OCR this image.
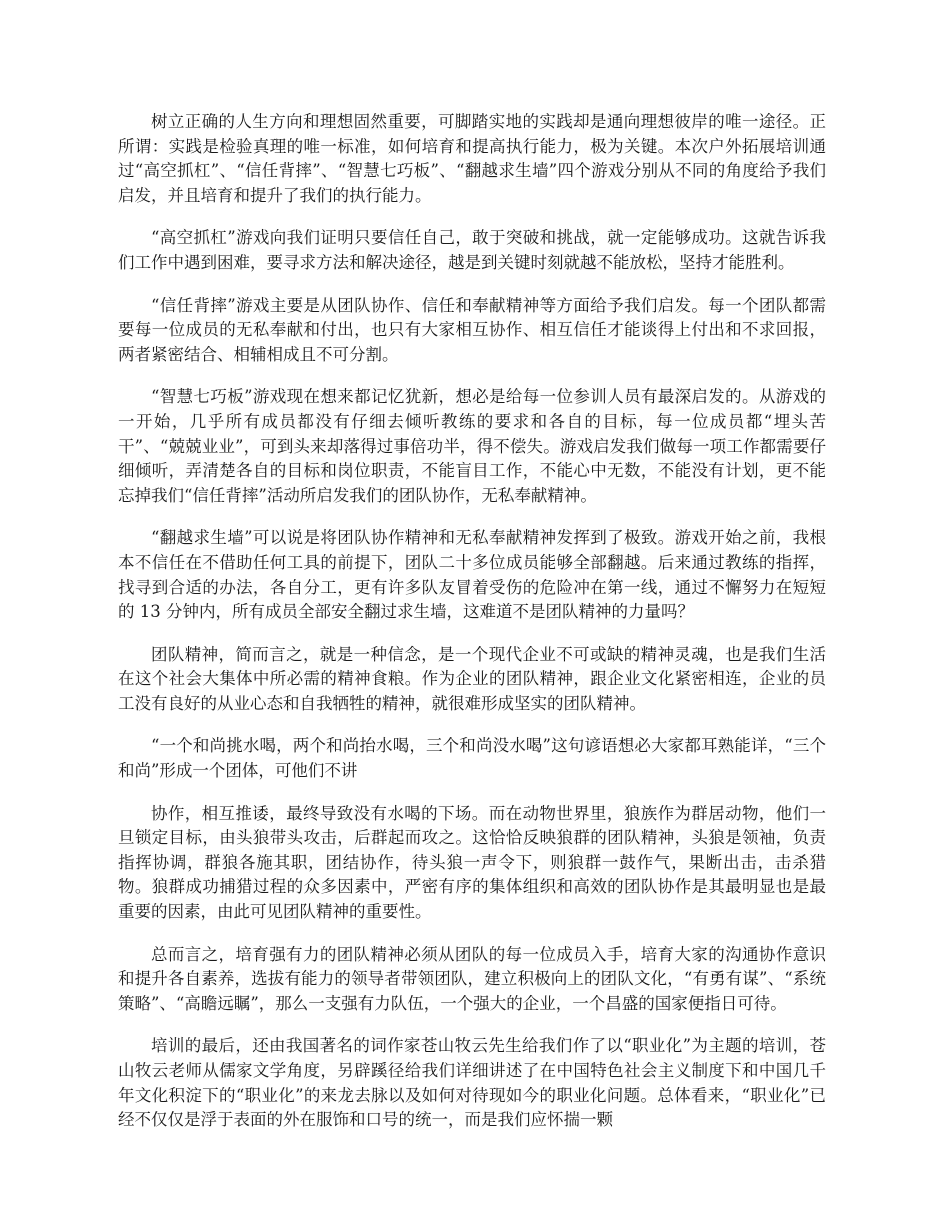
树立正确的人生方向和理想固然重要，可脚踏实地的实践却是通向理想彼岸的唯一途径。正所谓：实践是检验真理的唯一标准，如何培育和提高执行能力，极为关键。本次户外拓展培训通过“高空抓杠”、“信任背摔”、“智慧七巧板”、“翻越求生墙”四个游戏分别从不同的角度给予我们启发，并且培育和提升了我们的执行能力。

“高空抓杠”游戏向我们证明只要信任自己，敢于突破和挑战，就一定能够成功。这就告诉我们工作中遇到困难，要寻求方法和解决途径，越是到关键时刻就越不能放松，坚持才能胜利。

“信任背摔”游戏主要是从团队协作、信任和奉献精神等方面给予我们启发。每一个团队都需要每一位成员的无私奉献和付出，也只有大家相互协作、相互信任才能谈得上付出和不求回报，两者紧密结合、相辅相成且不可分割。

“智慧七巧板”游戏现在想来都记忆犹新，想必是给每一位参训人员有最深启发的。从游戏的一开始，几乎所有成员都没有仔细去倾听教练的要求和各自的目标，每一位成员都“埋头苦干”、“兢兢业业”，可到头来却落得过事倍功半，得不偿失。游戏启发我们做每一项工作都需要仔细倾听，弄清楚各自的目标和岗位职责，不能盲目工作，不能心中无数，不能没有计划，更不能忘掉我们“信任背摔”活动所启发我们的团队协作，无私奉献精神。

“翻越求生墙”可以说是将团队协作精神和无私奉献精神发挥到了极致。游戏开始之前，我根本不信任在不借助任何工具的前提下，团队二十多位成员能够全部翻越。后来通过教练的指挥，找寻到合适的办法，各自分工，更有许多队友冒着受伤的危险冲在第一线，通过不懈努力在短短的 13 分钟内，所有成员全部安全翻过求生墙，这难道不是团队精神的力量吗？

团队精神，简而言之，就是一种信念，是一个现代企业不可或缺的精神灵魂，也是我们生活在这个社会大集体中所必需的精神食粮。作为企业的团队精神，跟企业文化紧密相连，企业的员工没有良好的从业心态和自我牺牲的精神，就很难形成坚实的团队精神。

“一个和尚挑水喝，两个和尚抬水喝，三个和尚没水喝”这句谚语想必大家都耳熟能详，“三个和尚”形成一个团体，可他们不讲

协作，相互推诿，最终导致没有水喝的下场。而在动物世界里，狼族作为群居动物，他们一旦锁定目标，由头狼带头攻击，后群起而攻之。这恰恰反映狼群的团队精神，头狼是领袖，负责指挥协调，群狼各施其职，团结协作，待头狼一声令下，则狼群一鼓作气，果断出击，击杀猎物。狼群成功捕猎过程的众多因素中，严密有序的集体组织和高效的团队协作是其最明显也是最重要的因素，由此可见团队精神的重要性。

总而言之，培育强有力的团队精神必须从团队的每一位成员入手，培育大家的沟通协作意识和提升各自素养，选拔有能力的领导者带领团队，建立积极向上的团队文化，“有勇有谋”、“系统策略”、“高瞻远瞩”，那么一支强有力队伍，一个强大的企业，一个昌盛的国家便指日可待。

培训的最后，还由我国著名的词作家苍山牧云先生给我们作了以“职业化”为主题的培训，苍山牧云老师从儒家文学角度，另辟蹊径给我们详细讲述了在中国特色社会主义制度下和中国几千年文化积淀下的“职业化”的来龙去脉以及如何对待现如今的职业化问题。总体看来，“职业化”已经不仅仅是浮于表面的外在服饰和口号的统一，而是我们应怀揣一颗
